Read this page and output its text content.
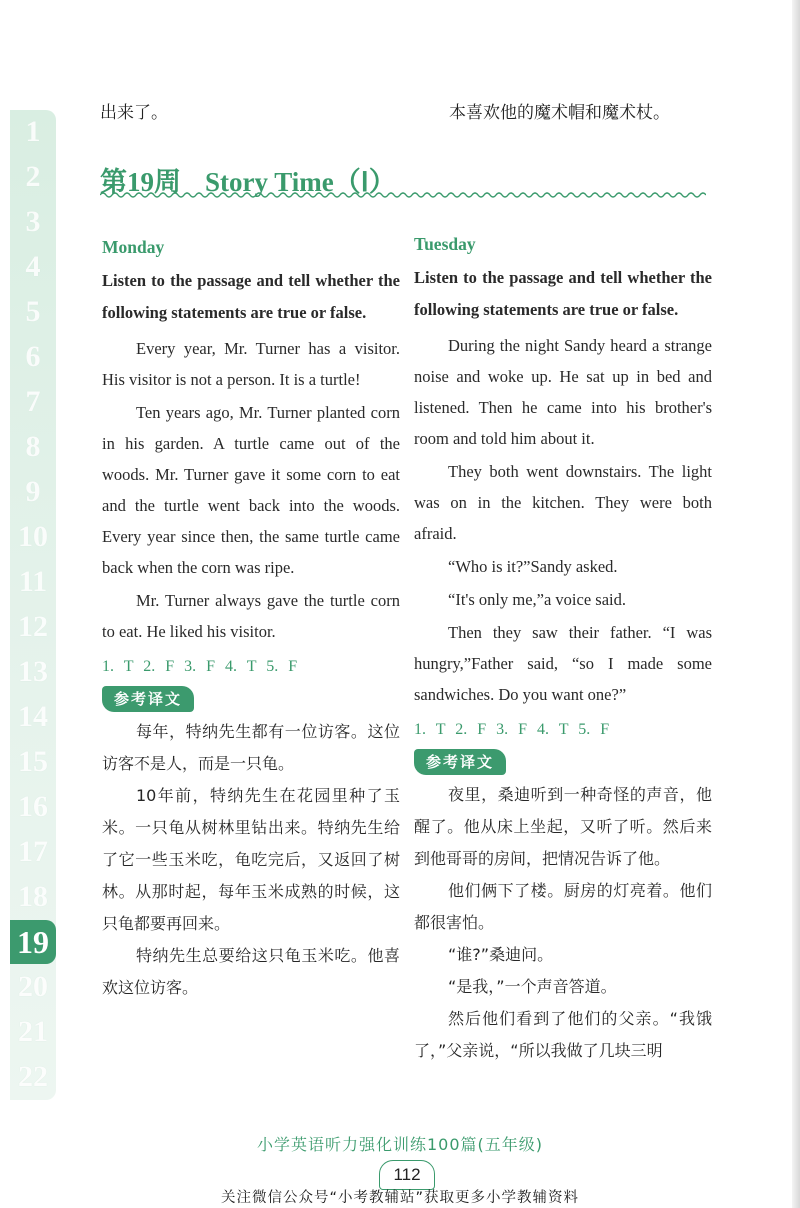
1
2
3
4
5
6
7
8
9
10
11
12
13
14
15
16
17
18
19
20
21
22
出来了。	本喜欢他的魔术帽和魔术杖。
第19周 Story Time（Ⅰ）
Monday
Listen to the passage and tell whether the following statements are true or false.

Every year, Mr. Turner has a visitor. His visitor is not a person. It is a turtle!

Ten years ago, Mr. Turner planted corn in his garden. A turtle came out of the woods. Mr. Turner gave it some corn to eat and the turtle went back into the woods. Every year since then, the same turtle came back when the corn was ripe.

Mr. Turner always gave the turtle corn to eat. He liked his visitor.

1. T 2. F 3. F 4. T 5. F
参考译文

每年，特纳先生都有一位访客。这位访客不是人，而是一只龟。

10年前，特纳先生在花园里种了玉米。一只龟从树林里钻出来。特纳先生给了它一些玉米吃，龟吃完后，又返回了树林。从那时起，每年玉米成熟的时候，这只龟都要再回来。

特纳先生总要给这只龟玉米吃。他喜欢这位访客。

Tuesday
Listen to the passage and tell whether the following statements are true or false.

During the night Sandy heard a strange noise and woke up. He sat up in bed and listened. Then he came into his brother's room and told him about it.

They both went downstairs. The light was on in the kitchen. They were both afraid.

“Who is it?”Sandy asked.

“It's only me,”a voice said.

Then they saw their father. “I was hungry,”Father said, “so I made some sandwiches. Do you want one?”

1. T 2. F 3. F 4. T 5. F
参考译文

夜里，桑迪听到一种奇怪的声音，他醒了。他从床上坐起，又听了听。然后来到他哥哥的房间，把情况告诉了他。

他们俩下了楼。厨房的灯亮着。他们都很害怕。

“谁?”桑迪问。

“是我，”一个声音答道。

然后他们看到了他们的父亲。“我饿了，”父亲说，“所以我做了几块三明

小学英语听力强化训练100篇(五年级)
112
关注微信公众号“小考教辅站”获取更多小学教辅资料
